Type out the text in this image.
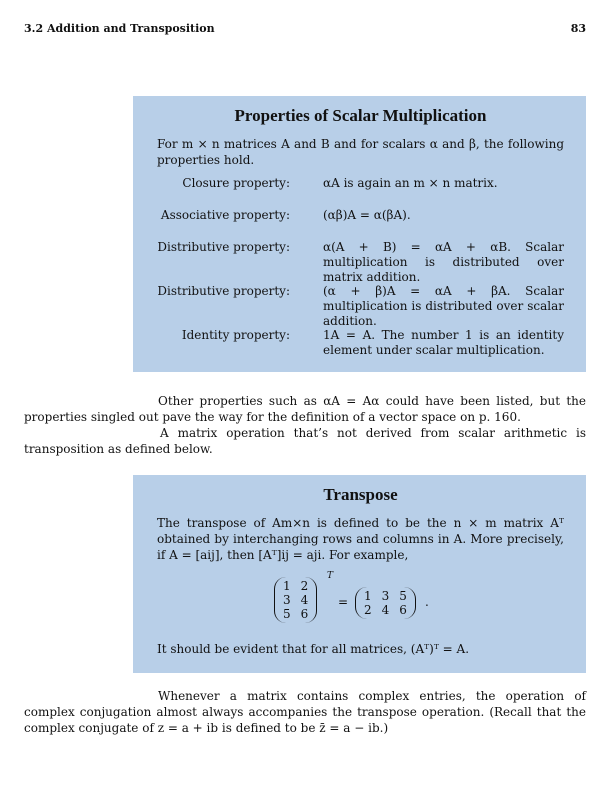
3.2 Addition and Transposition	83
Properties of Scalar Multiplication

For m × n matrices A and B and for scalars α and β, the following properties hold.

Closure property:	αA is again an m × n matrix.
Associative property:	(αβ)A = α(βA).
Distributive property:	α(A + B) = αA + αB. Scalar multiplication is distributed over matrix addition.
Distributive property:	(α + β)A = αA + βA. Scalar multiplication is distributed over scalar addition.
Identity property:	1A = A. The number 1 is an identity element under scalar multiplication.

Other properties such as αA = Aα could have been listed, but the properties singled out pave the way for the definition of a vector space on p. 160.

A matrix operation that’s not derived from scalar arithmetic is transposition as defined below.

Transpose

The transpose of Am×n is defined to be the n × m matrix Aᵀ obtained by interchanging rows and columns in A. More precisely, if A = [aij], then [Aᵀ]ij = aji. For example,

1	2
3	4
5	6
T
= 1	3	5
2	4	6
.

It should be evident that for all matrices, (Aᵀ)ᵀ = A.

Whenever a matrix contains complex entries, the operation of complex conjugation almost always accompanies the transpose operation. (Recall that the complex conjugate of z = a + ib is defined to be z̄ = a − ib.)
